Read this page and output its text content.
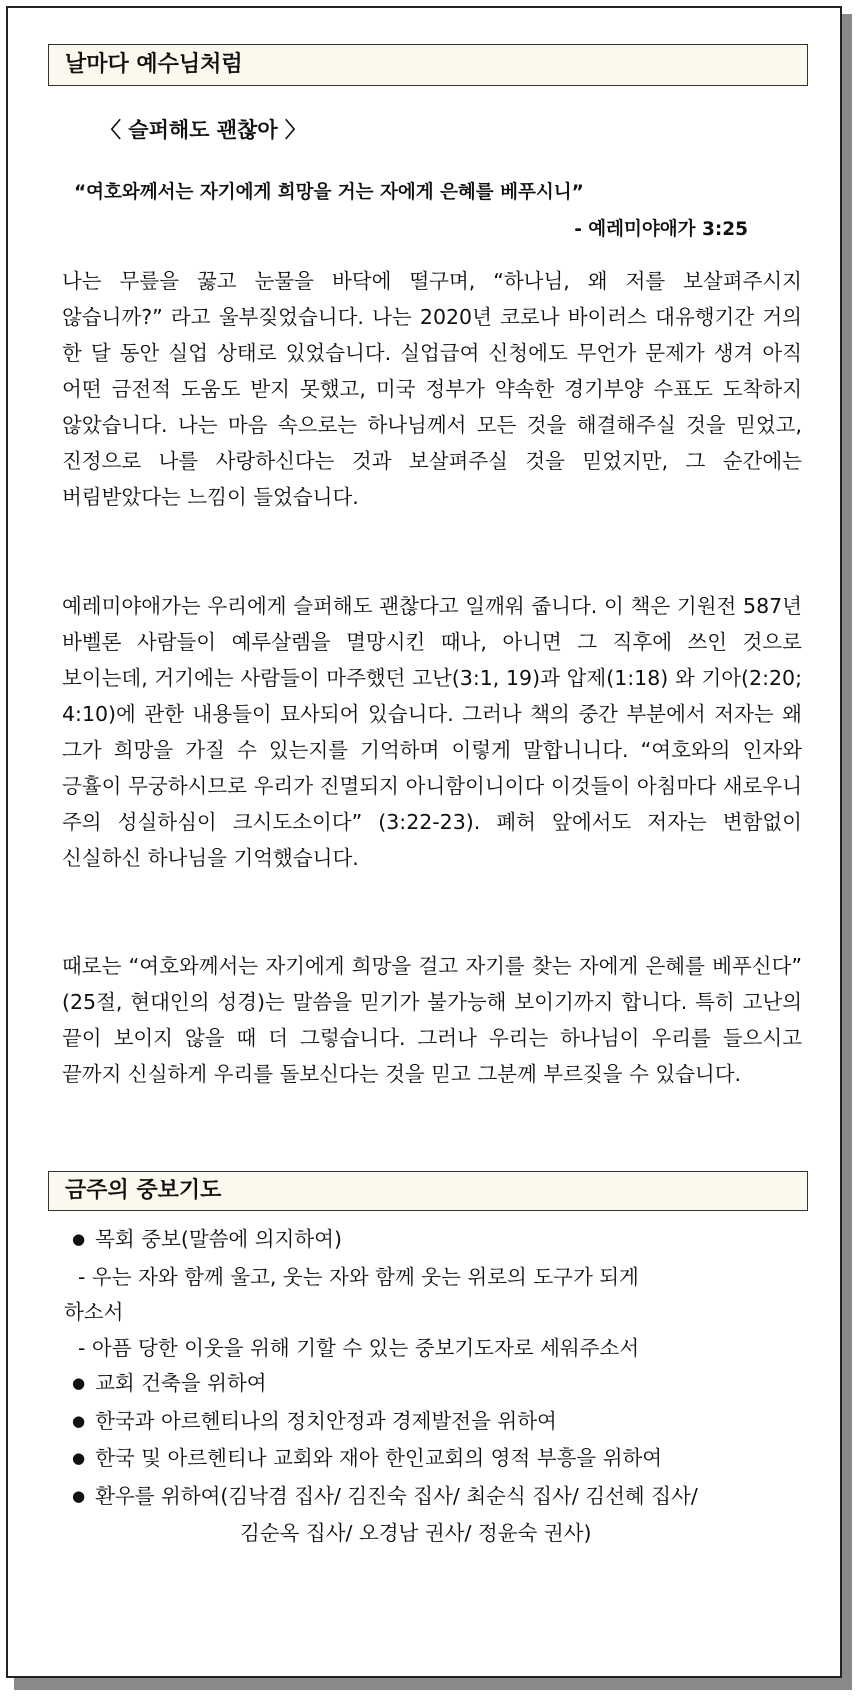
날마다 예수님처럼
〈 슬퍼해도 괜찮아 〉
“여호와께서는 자기에게 희망을 거는 자에게 은혜를 베푸시니”
- 예레미야애가 3:25
나는 무릎을 꿇고 눈물을 바닥에 떨구며, “하나님, 왜 저를 보살펴주시지 않습니까?” 라고 울부짖었습니다. 나는 2020년 코로나 바이러스 대유행기간 거의 한 달 동안 실업 상태로 있었습니다. 실업급여 신청에도 무언가 문제가 생겨 아직 어떤 금전적 도움도 받지 못했고, 미국 정부가 약속한 경기부양 수표도 도착하지 않았습니다. 나는 마음 속으로는 하나님께서 모든 것을 해결해주실 것을 믿었고, 진정으로 나를 사랑하신다는 것과 보살펴주실 것을 믿었지만, 그 순간에는 버림받았다는 느낌이 들었습니다.
예레미야애가는 우리에게 슬퍼해도 괜찮다고 일깨워 줍니다. 이 책은 기원전 587년 바벨론 사람들이 예루살렘을 멸망시킨 때나, 아니면 그 직후에 쓰인 것으로 보이는데, 거기에는 사람들이 마주했던 고난(3:1, 19)과 압제(1:18) 와 기아(2:20; 4:10)에 관한 내용들이 묘사되어 있습니다. 그러나 책의 중간 부분에서 저자는 왜 그가 희망을 가질 수 있는지를 기억하며 이렇게 말합니니다. “여호와의 인자와 긍휼이 무궁하시므로 우리가 진멸되지 아니함이니이다 이것들이 아침마다 새로우니 주의 성실하심이 크시도소이다” (3:22-23). 폐허 앞에서도 저자는 변함없이 신실하신 하나님을 기억했습니다.
때로는 “여호와께서는 자기에게 희망을 걸고 자기를 찾는 자에게 은혜를 베푸신다” (25절, 현대인의 성경)는 말씀을 믿기가 불가능해 보이기까지 합니다. 특히 고난의 끝이 보이지 않을 때 더 그렇습니다. 그러나 우리는 하나님이 우리를 들으시고 끝까지 신실하게 우리를 돌보신다는 것을 믿고 그분께 부르짖을 수 있습니다.
금주의 중보기도
● 목회 중보(말씀에 의지하여)
- 우는 자와 함께 울고, 웃는 자와 함께 웃는 위로의 도구가 되게
하소서
- 아픔 당한 이웃을 위해 기할 수 있는 중보기도자로 세워주소서
● 교회 건축을 위하여
● 한국과 아르헨티나의 정치안정과 경제발전을 위하여
● 한국 및 아르헨티나 교회와 재아 한인교회의 영적 부흥을 위하여
● 환우를 위하여(김낙겸 집사/ 김진숙 집사/ 최순식 집사/ 김선혜 집사/
김순옥 집사/ 오경남 권사/ 정윤숙 권사)
